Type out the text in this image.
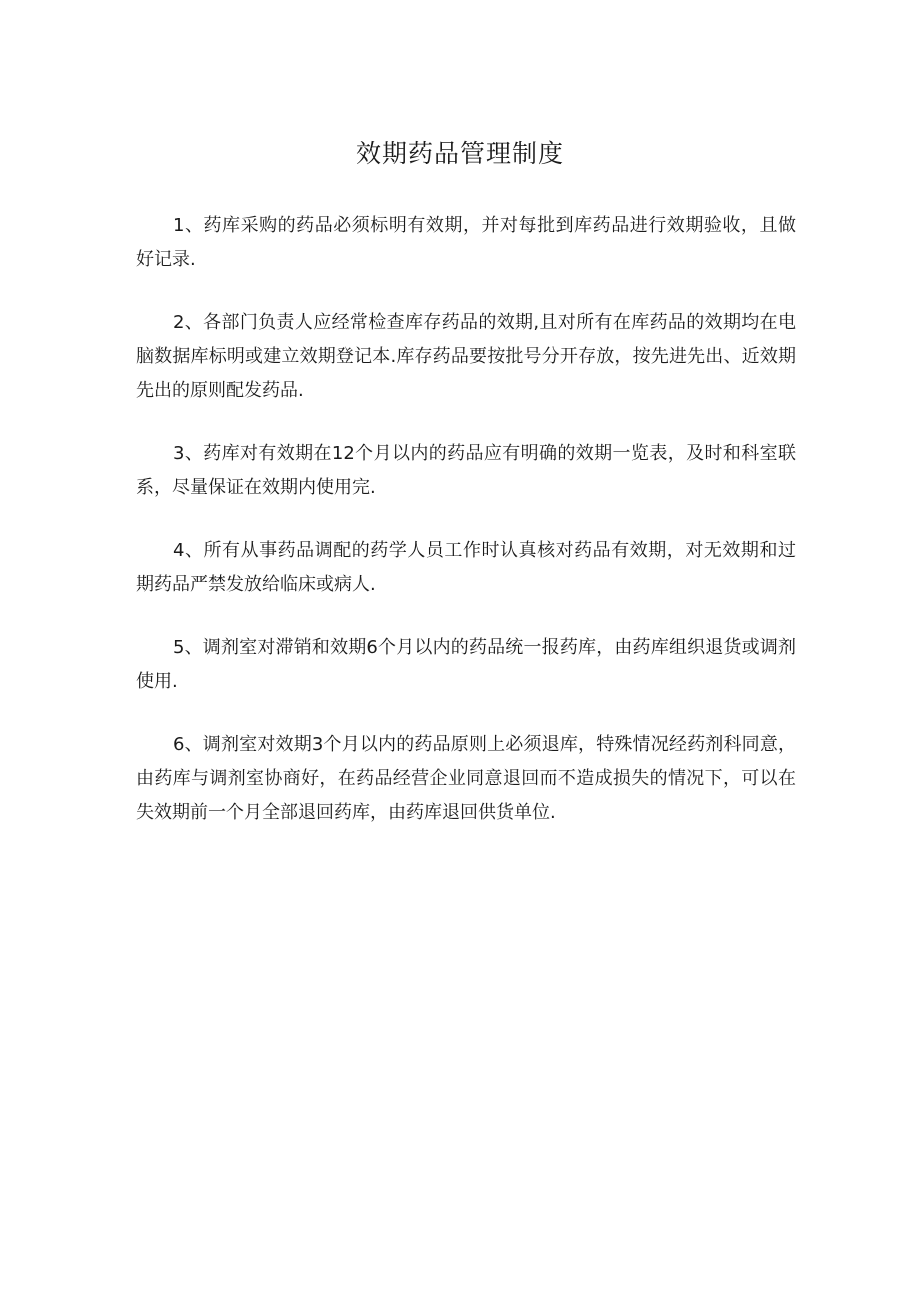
效期药品管理制度

1、药库采购的药品必须标明有效期，并对每批到库药品进行效期验收，且做好记录.

2、各部门负责人应经常检查库存药品的效期,且对所有在库药品的效期均在电脑数据库标明或建立效期登记本.库存药品要按批号分开存放，按先进先出、近效期先出的原则配发药品.

3、药库对有效期在12个月以内的药品应有明确的效期一览表，及时和科室联系，尽量保证在效期内使用完.

4、所有从事药品调配的药学人员工作时认真核对药品有效期，对无效期和过期药品严禁发放给临床或病人.

5、调剂室对滞销和效期6个月以内的药品统一报药库，由药库组织退货或调剂使用.

6、调剂室对效期3个月以内的药品原则上必须退库，特殊情况经药剂科同意，由药库与调剂室协商好，在药品经营企业同意退回而不造成损失的情况下，可以在失效期前一个月全部退回药库，由药库退回供货单位.
